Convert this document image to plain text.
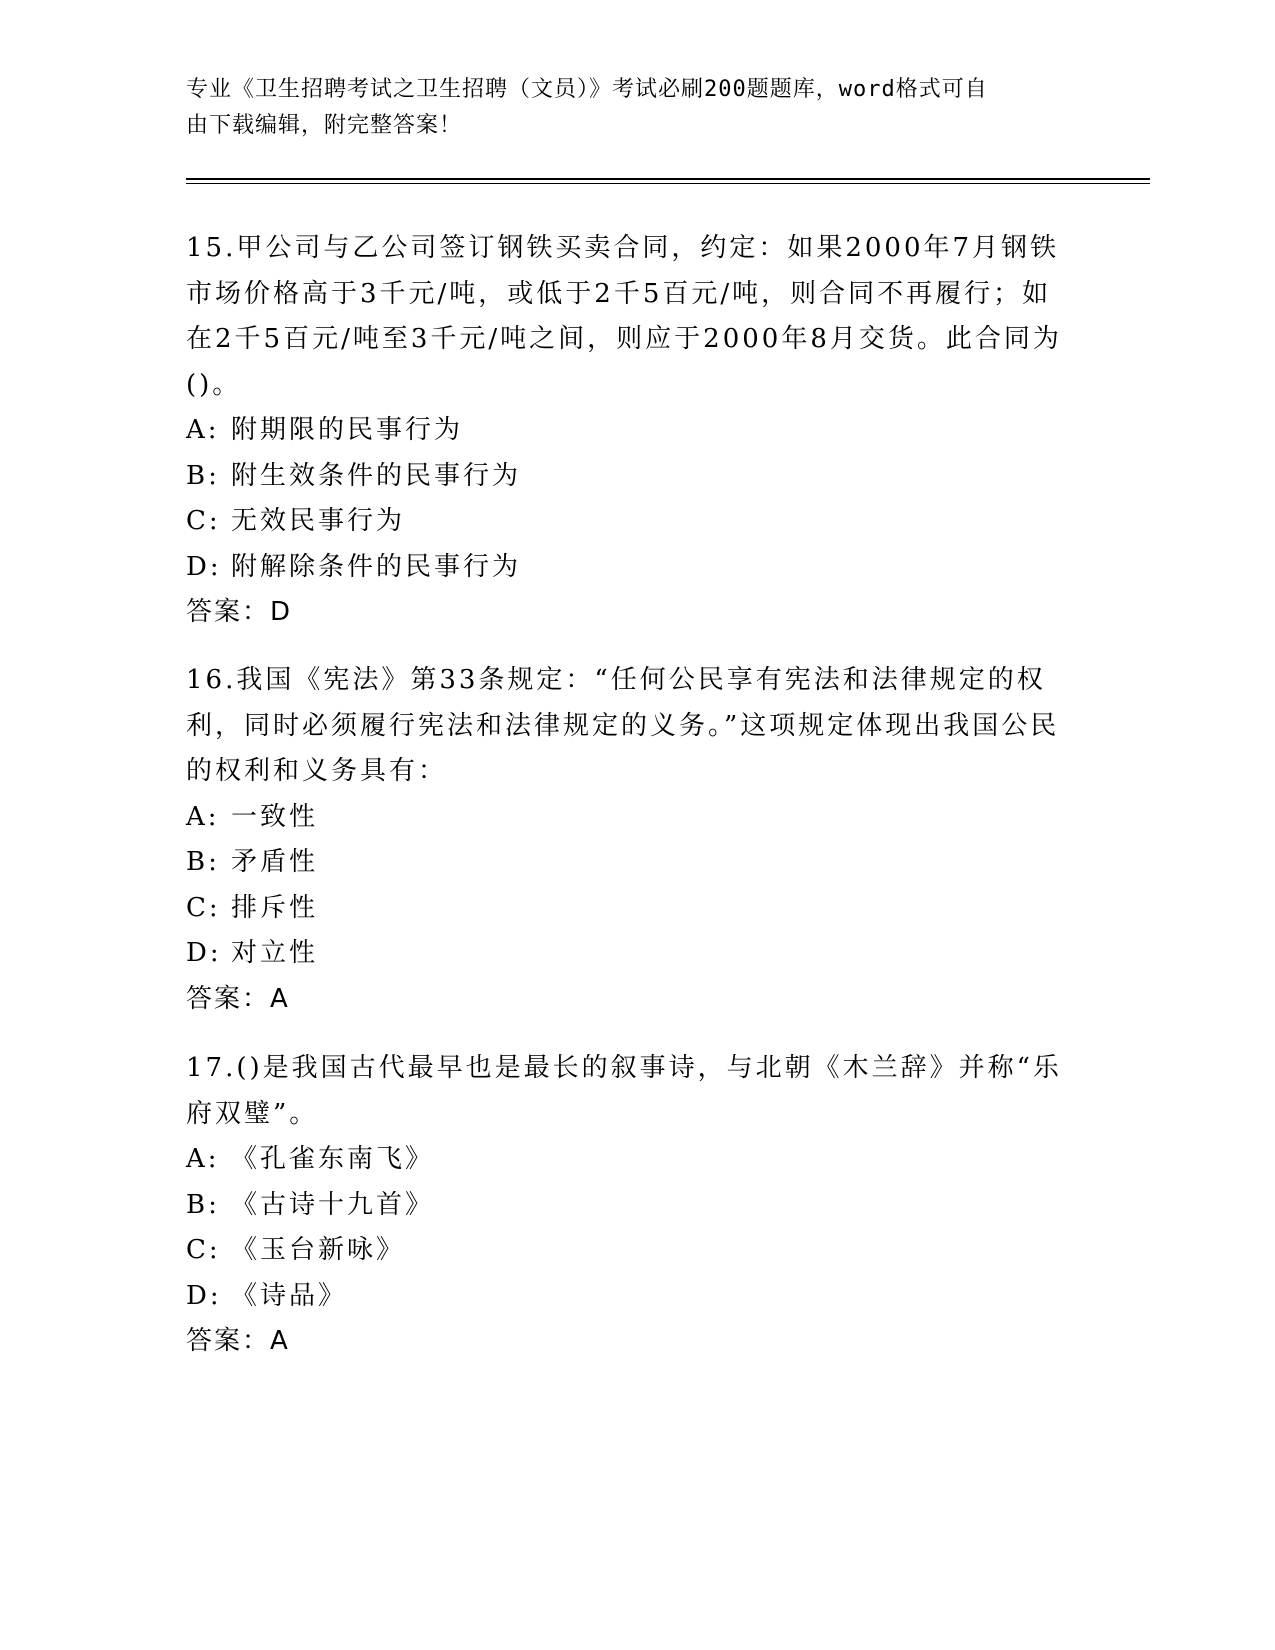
专业《卫生招聘考试之卫生招聘（文员）》考试必刷200题题库，word格式可自
由下载编辑，附完整答案！

15.甲公司与乙公司签订钢铁买卖合同，约定：如果2000年7月钢铁市场价格高于3千元/吨，或低于2千5百元/吨，则合同不再履行；如在2千5百元/吨至3千元/吨之间，则应于2000年8月交货。此合同为()。

A: 附期限的民事行为
B: 附生效条件的民事行为
C: 无效民事行为
D: 附解除条件的民事行为
答案：D

16.我国《宪法》第33条规定：“任何公民享有宪法和法律规定的权利，同时必须履行宪法和法律规定的义务。”这项规定体现出我国公民的权利和义务具有：

A: 一致性
B: 矛盾性
C: 排斥性
D: 对立性
答案：A

17.()是我国古代最早也是最长的叙事诗，与北朝《木兰辞》并称“乐府双璧”。

A: 《孔雀东南飞》
B: 《古诗十九首》
C: 《玉台新咏》
D: 《诗品》
答案：A
